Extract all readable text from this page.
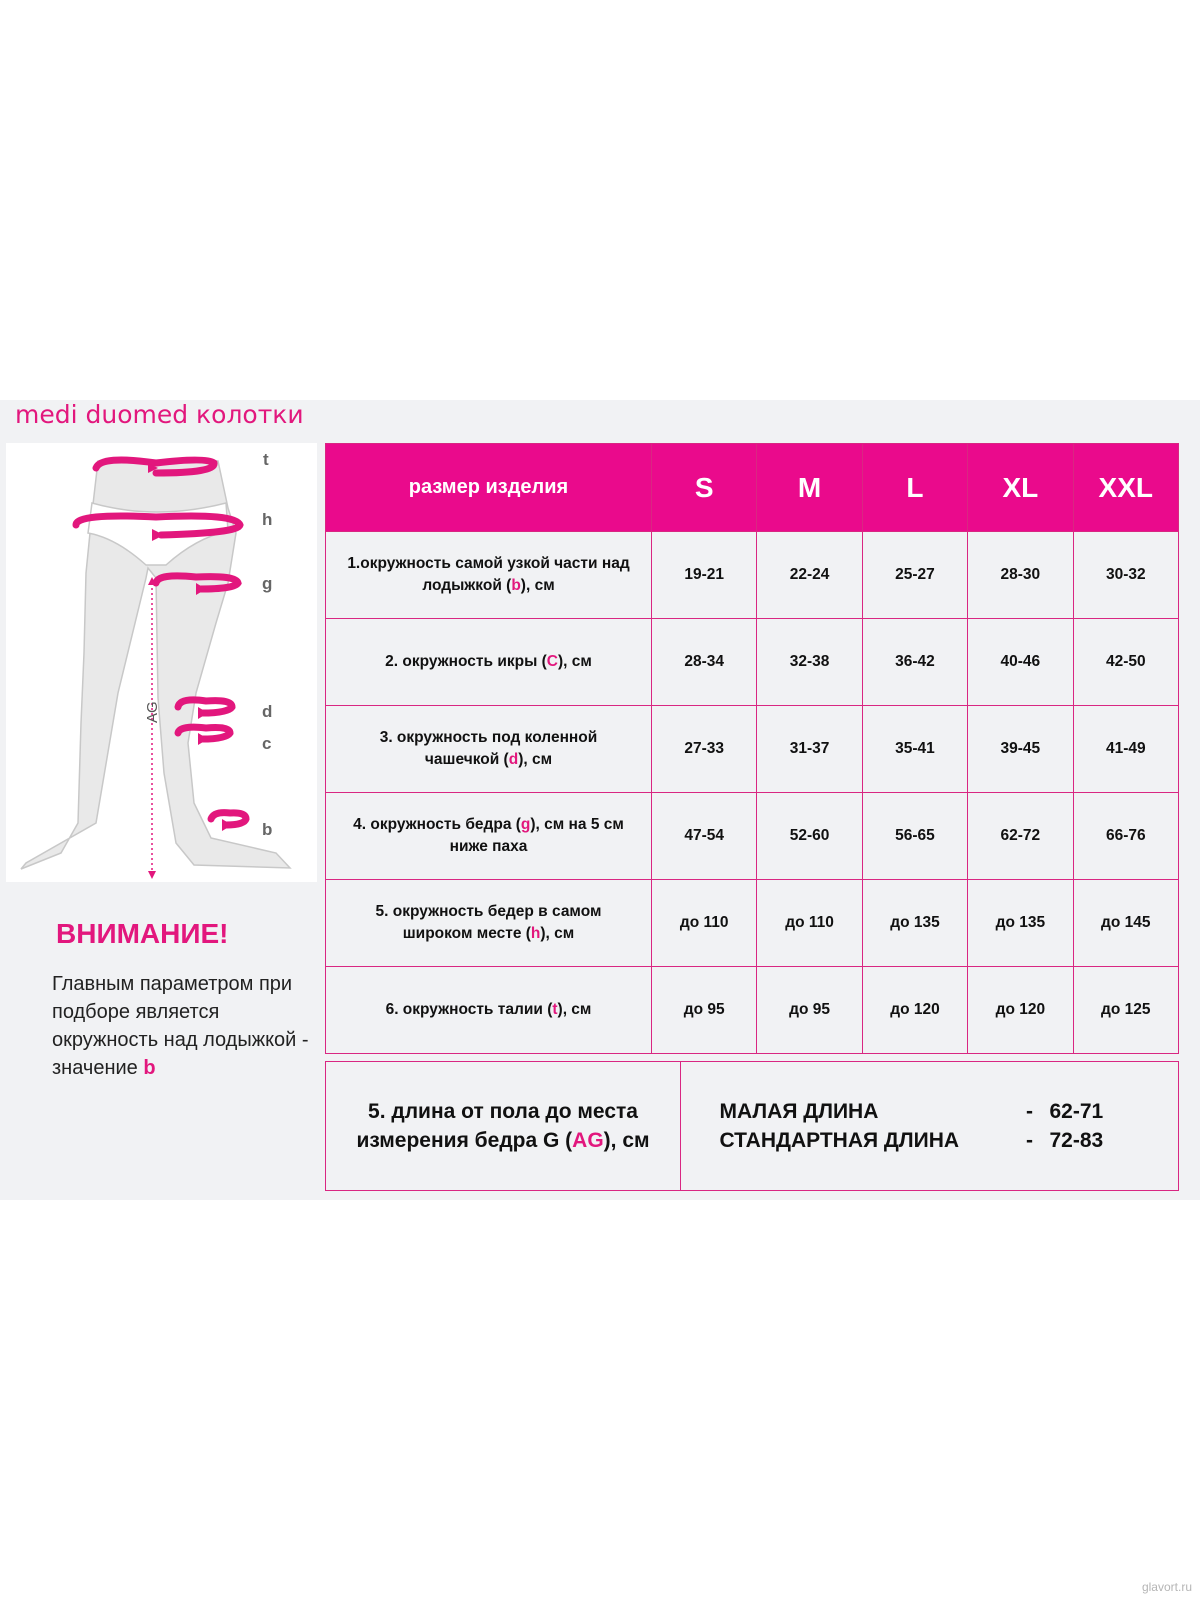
medi duomed колотки
AG
t
h
g
d
c
b
ВНИМАНИЕ!
Главным параметром при подборе является окружность над лодыжкой - значение b
размер изделия	S	M	L	XL	XXL
1.окружность самой узкой части над лодыжкой (b), см	19-21	22-24	25-27	28-30	30-32
2. окружность икры (C), см	28-34	32-38	36-42	40-46	42-50
3. окружность под коленной чашечкой (d), см	27-33	31-37	35-41	39-45	41-49
4. окружность бедра (g), см на 5 см ниже паха	47-54	52-60	56-65	62-72	66-76
5. окружность бедер в самом широком месте (h), см	до 110	до 110	до 135	до 135	до 145
6. окружность талии (t), см	до 95	до 95	до 120	до 120	до 125
5. длина от пола до места измерения бедра G (AG), см	
МАЛАЯ ДЛИНА	- 62-71
СТАНДАРТНАЯ ДЛИНА	- 72-83
glavort.ru
